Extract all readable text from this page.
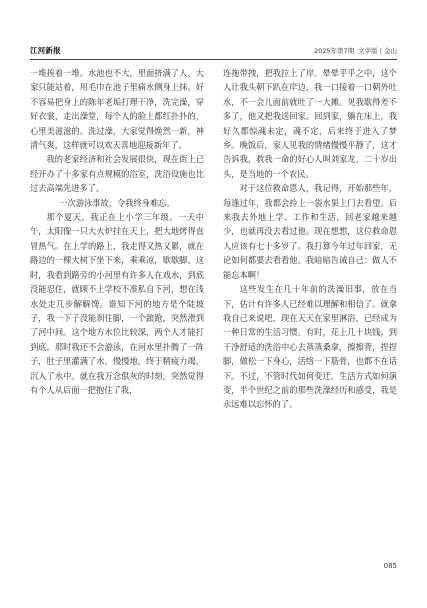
江河新报	2025年第7期 文学版 | 金山

一堆挨着一堆。水池也不大，里面挤满了人，大家只能站着，用毛巾在池子里痛水侧身上抹。好不容易把身上的陈年老垢打理干净，洗完澡，穿好衣裳，走出澡堂，每个人的脸上都红扑扑的，心里美滋滋的。洗过澡，大家觉得焕然一新，神清气爽，这样就可以欢天喜地迎接新年了。

我的老家经济和社会发展很快，现在街上已经开办了十多家有点规模的浴室，洗浴设施也比过去高端先进多了。

一次游泳事故，令我终身难忘。

那个夏天，我正在上小学三年级。一天中午，太阳像一只大火炉挂在天上，把大地烤得直冒热气。在上学的路上，我走得又热又累，就在路边的一棵大树下坐下来，乘乘凉，歇歇脚。这时，我看到路旁的小河里有许多人在戏水，到底没能忍住，就顾不上学校不准私自下河，想在浅水处走几步解解馋。谁知下河的地方是个陡坡子，我一下子没能刹住脚，一个踉跄，突然滑到了河中间。这个地方水位比较深，两个人才能打到底。那时我还不会游泳，在河水里扑腾了一阵子，肚子里灌满了水，慢慢地，终于精疲力竭，沉入了水中。就在我万念俱灰的时刻，突然觉得有个人从后面一把抱住了我，

连拖带拽，把我拉上了岸。晕晕乎乎之中，这个人让我头朝下趴在岸边，我一口接着一口朝外吐水，不一会儿面前就吐了一大摊。见我歇得差不多了，他又把我送回家。回到家，躺在床上，我好久都惊魂未定，魂不定，后来终于进入了梦乡。晚饭后，家人见我的情绪慢慢平静了，这才告诉我，救我一命的好心人叫刘家龙，二十岁出头，是当地的一个农民。

对于这位救命恩人，我记得，开始那些年，每逢过年，我都会拎上一袋水果上门去看望。后来我去外地上学、工作和生活，回老家越来越少，也就再没去看过他。现在想想，这位救命恩人应该有七十多岁了。我打算今年过年回家，无论如何都要去看看他。我暗暗告诫自己：做人不能忘本啊！

这些发生在几十年前的洗澡旧事，放在当下，估计有许多人已经难以理解和相信了。就拿我自己来说吧，现在天天在家里淋浴，已经成为一种日常的生活习惯。有时，花上几十块钱，到干净舒适的洗浴中心去蒸蒸桑拿，擦擦背，捏捏脚，做松一下身心，活络一下筋骨，也都不在话下。不过，不管时代如何变迁，生活方式如何演变，半个世纪之前的那些洗澡经历和感受，我是永远难以忘怀的了。

085
